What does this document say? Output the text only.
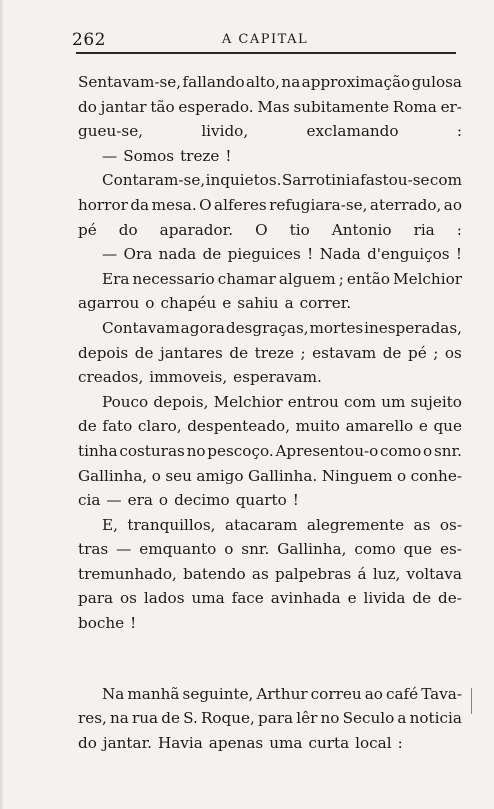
262	A CAPITAL
Sentavam-se, fallando alto, na approximação gulosa
do jantar tão esperado. Mas subitamente Roma er-
gueu-se,	livido,	exclamando	:
— Somos treze !
Contaram-se, inquietos. Sarrotini afastou-se com
horror da mesa. O alferes refugiara-se, aterrado, ao
pé do aparador. O tio Antonio ria :
— Ora nada de pieguices ! Nada d'enguiços !
Era necessario chamar alguem ; então Melchior
agarrou o chapéu e sahiu a correr.
Contavam agora desgraças, mortes inesperadas,
depois de jantares de treze ; estavam de pé ; os
creados, immoveis, esperavam.
Pouco depois, Melchior entrou com um sujeito
de fato claro, despenteado, muito amarello e que
tinha costuras no pescoço. Apresentou-o como o snr.
Gallinha, o seu amigo Gallinha. Ninguem o conhe-
cia — era o decimo quarto !
E, tranquillos, atacaram alegremente as os-
tras — emquanto o snr. Gallinha, como que es-
tremunhado, batendo as palpebras á luz, voltava
para os lados uma face avinhada e livida de de-
boche !
Na manhã seguinte, Arthur correu ao café Tava-
res, na rua de S. Roque, para lêr no Seculo a noticia
do jantar. Havia apenas uma curta local :
